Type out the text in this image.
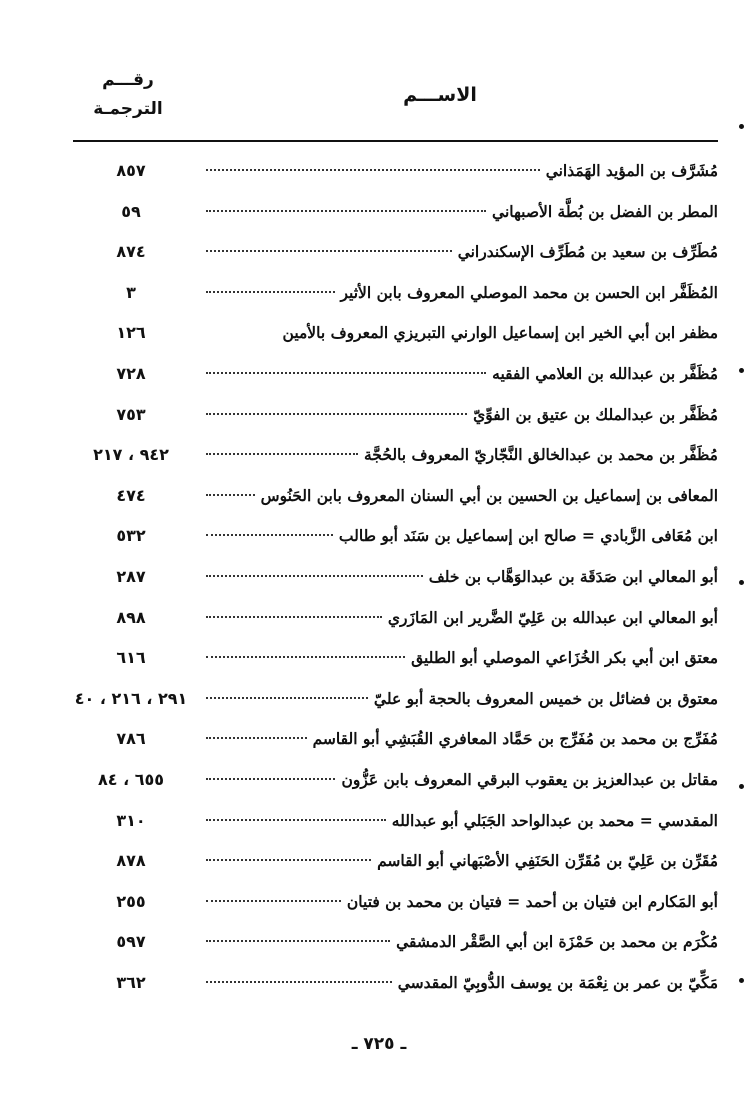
الاســـم
رقـــم
الترجمـة
مُشَرَّف بن المؤيد الهَمَذاني
٨٥٧
المطر بن الفضل بن بُطَّة الأصبهاني
٥٩
مُطَرِّف بن سعيد بن مُطَرِّف الإسكندراني
٨٧٤
المُظَفَّر ابن الحسن بن محمد الموصلي المعروف بابن الأثير
٣
مظفر ابن أبي الخير ابن إسماعيل الوارني التبريزي المعروف بالأمين
١٢٦
مُظَفَّر بن عبدالله بن العلامي الفقيه
٧٢٨
مُظَفَّر بن عبدالملك بن عتيق بن الفوِّيّ
٧٥٣
مُظَفَّر بن محمد بن عبدالخالق النَّجّاريّ المعروف بالحُجَّة
٩٤٢ ، ٢١٧
المعافى بن إسماعيل بن الحسين بن أبي السنان المعروف بابن الحَنُوس
٤٧٤
ابن مُعَافى الزَّبادي = صالح ابن إسماعيل بن سَنَد أبو طالب
٥٣٢
أبو المعالي ابن صَدَقَة بن عبدالوَهَّاب بن خلف
٢٨٧
أبو المعالي ابن عبدالله بن عَلِيّ الضَّرير ابن المَازَري
٨٩٨
معتق ابن أبي بكر الخُزَاعي الموصلي أبو الطليق
٦١٦
معتوق بن فضائل بن خميس المعروف بالحجة أبو عليّ
٢٩١ ، ٢١٦ ، ٤٠
مُفَرِّج بن محمد بن مُفَرِّج بن حَمَّاد المعافري القُبَشِي أبو القاسم
٧٨٦
مقاتل بن عبدالعزيز بن يعقوب البرقي المعروف بابن عَزُّون
٦٥٥ ، ٨٤
المقدسي = محمد بن عبدالواحد الجَبَلي أبو عبدالله
٣١٠
مُقَرِّن بن عَلِيّ بن مُقَرِّن الحَنَفِي الأصْبَهاني أبو القاسم
٨٧٨
أبو المَكارم ابن فتيان بن أحمد = فتيان بن محمد بن فتيان
٢٥٥
مُكْرَم بن محمد بن حَمْزَة ابن أبي الصَّقْر الدمشقي
٥٩٧
مَكِّيّ بن عمر بن نِعْمَة بن يوسف الدُّوبِيّ المقدسي
٣٦٢
ـ ٧٢٥ ـ
